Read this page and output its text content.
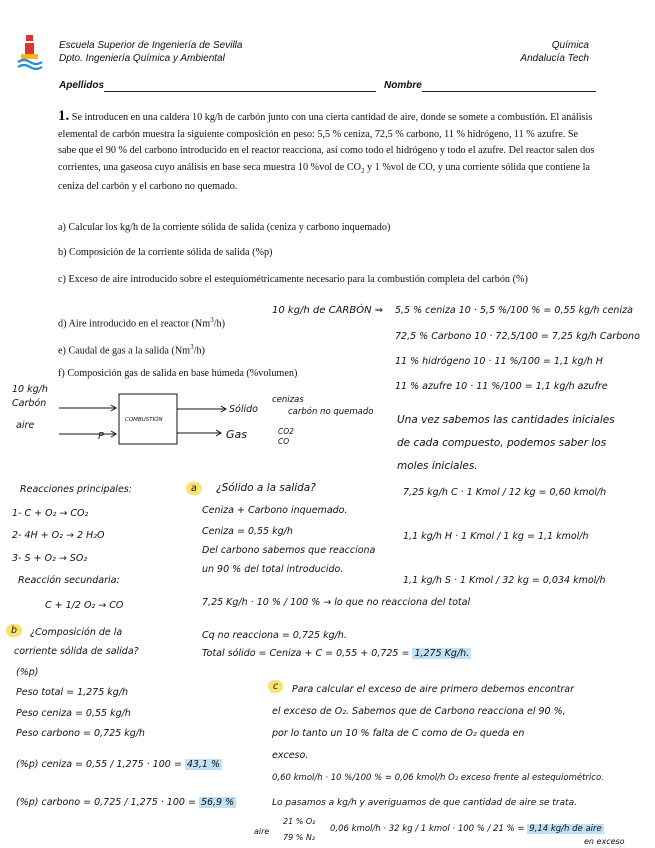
Escuela Superior de Ingeniería de Sevilla
Dpto. Ingeniería Química y Ambiental
Química
Andalucía Tech
Apellidos	Nombre
1. Se introducen en una caldera 10 kg/h de carbón junto con una cierta cantidad de aire, donde se somete a combustión. El análisis elemental de carbón muestra la siguiente composición en peso: 5,5 % ceniza, 72,5 % carbono, 11 % hidrógeno, 11 % azufre. Se sabe que el 90 % del carbono introducido en el reactor reacciona, así como todo el hidrógeno y todo el azufre. Del reactor salen dos corrientes, una gaseosa cuyo análisis en base seca muestra 10 %vol de $CO_2$ y 1 %vol de CO, y una corriente sólida que contiene la ceniza del carbón y el carbono no quemado.
a) Calcular los kg/h de la corriente sólida de salida (ceniza y carbono inquemado)
b) Composición de la corriente sólida de salida (%p)
c) Exceso de aire introducido sobre el estequiométricamente necesario para la combustión completa del carbón (%)
d) Aire introducido en el reactor (Nm$^3$/h)
e) Caudal de gas a la salida (Nm$^3$/h)
f) Composición gas de salida en base húmeda (%volumen)
10 kg/h de CARBÓN ⇒ 5,5 % ceniza 10 · 5,5 %/100 % = 0,55 kg/h ceniza
72,5 % Carbono 10 · 72,5/100 = 7,25 kg/h Carbono
11 % hidrógeno 10 · 11 %/100 = 1,1 kg/h H
11 % azufre 10 · 11 %/100 = 1,1 kg/h azufre
Una vez sabemos las cantidades iniciales
de cada compuesto, podemos saber los
moles iniciales.
7,25 kg/h C · 1 Kmol / 12 kg = 0,60 kmol/h
1,1 kg/h H · 1 Kmol / 1 kg = 1,1 kmol/h
1,1 kg/h S · 1 Kmol / 32 kg = 0,034 kmol/h
10 kg/h
Carbón
aire	COMBUSTIÓN
P
Sólido
cenizas
carbón no quemado
Gas	CO2
CO
Reacciones principales:
1- C + O₂ → CO₂
2- 4H + O₂ → 2 H₂O
3- S + O₂ → SO₂
Reacción secundaria:
C + 1/2 O₂ → CO
a	¿Sólido a la salida?
Ceniza + Carbono inquemado.
Ceniza = 0,55 kg/h
Del carbono sabemos que reacciona
un 90 % del total introducido.
7,25 Kg/h · 10 % / 100 % → lo que no reacciona del total
Cq no reacciona = 0,725 kg/h.
Total sólido = Ceniza + C = 0,55 + 0,725 = 1,275 Kg/h.
b	¿Composición de la
corriente sólida de salida?
(%p)
Peso total = 1,275 kg/h
Peso ceniza = 0,55 kg/h
Peso carbono = 0,725 kg/h
(%p) ceniza = 0,55 / 1,275 · 100 = 43,1 %
(%p) carbono = 0,725 / 1,275 · 100 = 56,9 %
c	Para calcular el exceso de aire primero debemos encontrar
el exceso de O₂. Sabemos que de Carbono reacciona el 90 %,
por lo tanto un 10 % falta de C como de O₂ queda en
exceso.
0,60 kmol/h · 10 %/100 % = 0,06 kmol/h O₂ exceso frente al estequiométrico.
Lo pasamos a kg/h y averiguamos de que cantidad de aire se trata.
aire
21 % O₂
79 % N₂
0,06 kmol/h · 32 kg / 1 kmol · 100 % / 21 % = 9,14 kg/h de aire
en exceso
